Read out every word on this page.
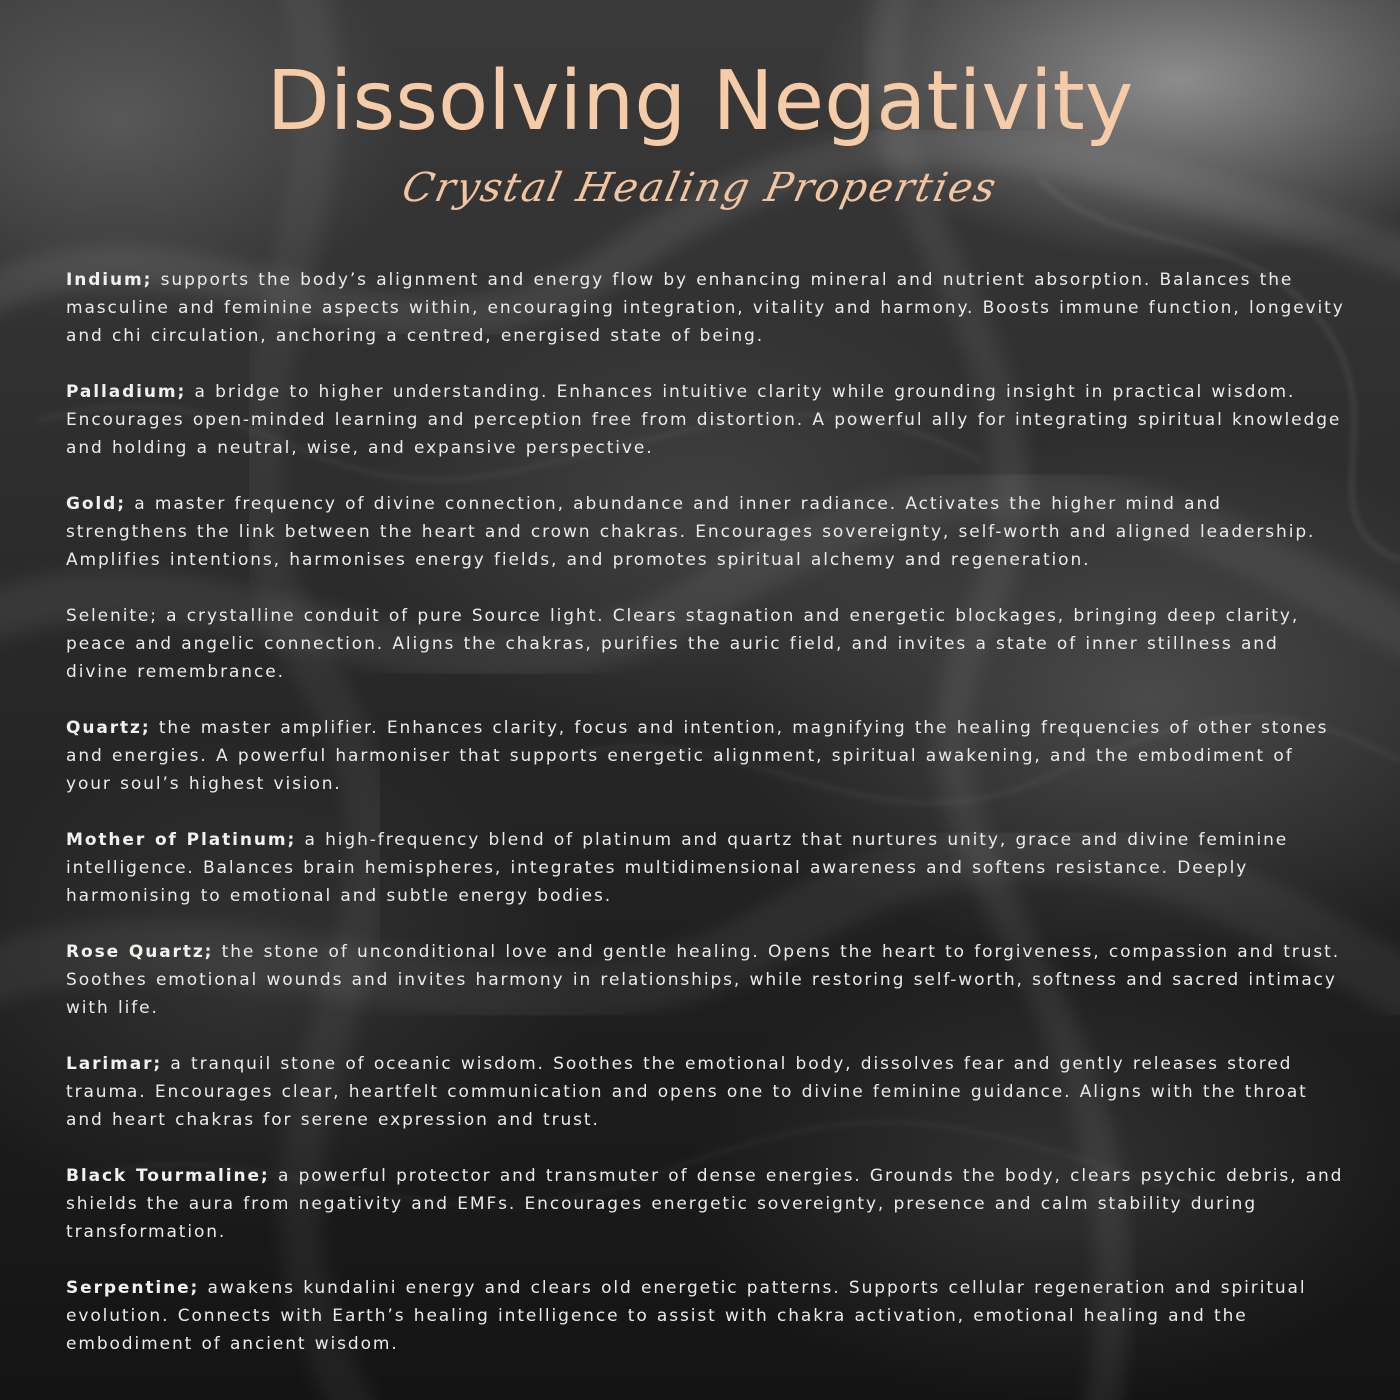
Dissolving Negativity
Crystal Healing Properties

Indium; supports the body’s alignment and energy flow by enhancing mineral and nutrient absorption. Balances the masculine and feminine aspects within, encouraging integration, vitality and harmony. Boosts immune function, longevity and chi circulation, anchoring a centred, energised state of being.

Palladium; a bridge to higher understanding. Enhances intuitive clarity while grounding insight in practical wisdom. Encourages open-minded learning and perception free from distortion. A powerful ally for integrating spiritual knowledge and holding a neutral, wise, and expansive perspective.

Gold; a master frequency of divine connection, abundance and inner radiance. Activates the higher mind and strengthens the link between the heart and crown chakras. Encourages sovereignty, self-worth and aligned leadership. Amplifies intentions, harmonises energy fields, and promotes spiritual alchemy and regeneration.

Selenite; a crystalline conduit of pure Source light. Clears stagnation and energetic blockages, bringing deep clarity, peace and angelic connection. Aligns the chakras, purifies the auric field, and invites a state of inner stillness and divine remembrance.

Quartz; the master amplifier. Enhances clarity, focus and intention, magnifying the healing frequencies of other stones and energies. A powerful harmoniser that supports energetic alignment, spiritual awakening, and the embodiment of your soul’s highest vision.

Mother of Platinum; a high-frequency blend of platinum and quartz that nurtures unity, grace and divine feminine intelligence. Balances brain hemispheres, integrates multidimensional awareness and softens resistance. Deeply harmonising to emotional and subtle energy bodies.

Rose Quartz; the stone of unconditional love and gentle healing. Opens the heart to forgiveness, compassion and trust. Soothes emotional wounds and invites harmony in relationships, while restoring self-worth, softness and sacred intimacy with life.

Larimar; a tranquil stone of oceanic wisdom. Soothes the emotional body, dissolves fear and gently releases stored trauma. Encourages clear, heartfelt communication and opens one to divine feminine guidance. Aligns with the throat and heart chakras for serene expression and trust.

Black Tourmaline; a powerful protector and transmuter of dense energies. Grounds the body, clears psychic debris, and shields the aura from negativity and EMFs. Encourages energetic sovereignty, presence and calm stability during transformation.

Serpentine; awakens kundalini energy and clears old energetic patterns. Supports cellular regeneration and spiritual evolution. Connects with Earth’s healing intelligence to assist with chakra activation, emotional healing and the embodiment of ancient wisdom.
